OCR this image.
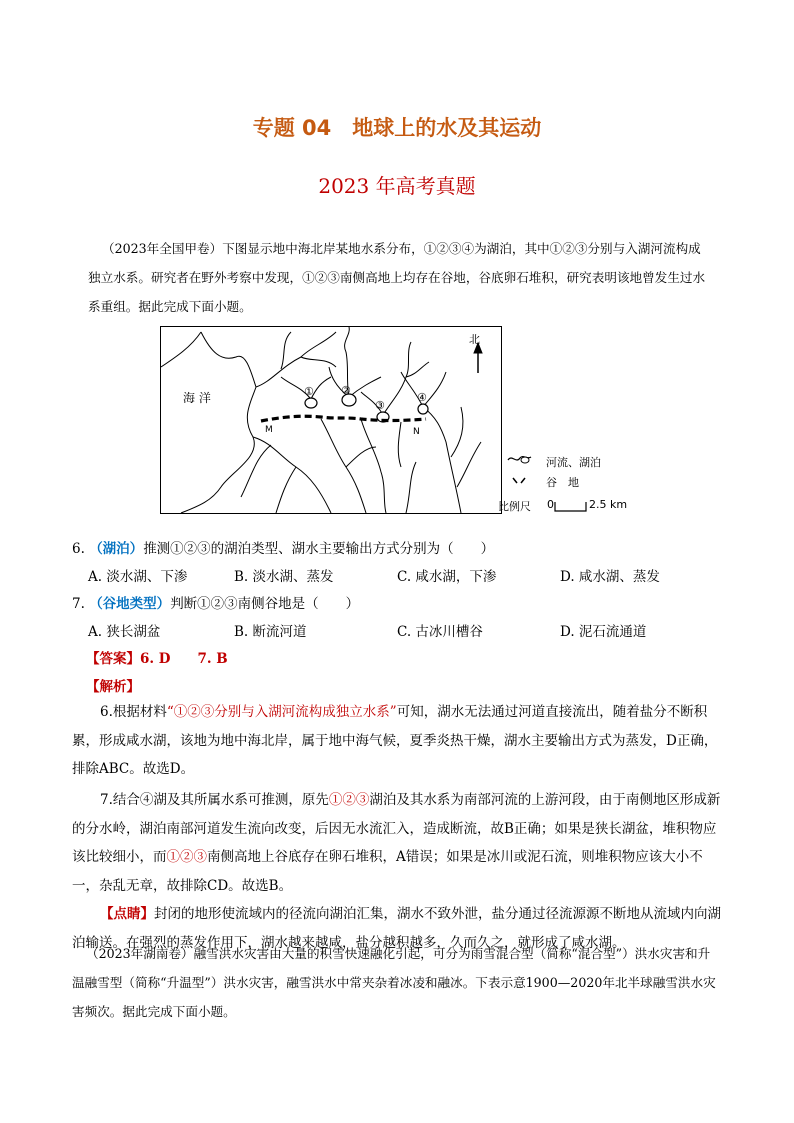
专题 04　地球上的水及其运动
2023 年高考真题
（2023年全国甲卷）下图显示地中海北岸某地水系分布，①②③④为湖泊，其中①②③分别与入湖河流构成独立水系。研究者在野外考察中发现，①②③南侧高地上均存在谷地，谷底卵石堆积，研究表明该地曾发生过水系重组。据此完成下面小题。
海 洋
北
① ②
③
④
M	N
河流、湖泊
谷　地
比例尺 0	2.5 km
6. （湖泊）推测①②③的湖泊类型、湖水主要输出方式分别为（　　）
A. 淡水湖、下渗	B. 淡水湖、蒸发	C. 咸水湖，下渗	D. 咸水湖、蒸发
7. （谷地类型）判断①②③南侧谷地是（　　）
A. 狭长湖盆	B. 断流河道	C. 古冰川槽谷	D. 泥石流通道
【答案】6. D　　7. B
【解析】
6.根据材料“①②③分别与入湖河流构成独立水系”可知，湖水无法通过河道直接流出，随着盐分不断积累，形成咸水湖，该地为地中海北岸，属于地中海气候，夏季炎热干燥，湖水主要输出方式为蒸发，D正确，排除ABC。故选D。
7.结合④湖及其所属水系可推测，原先①②③湖泊及其水系为南部河流的上游河段，由于南侧地区形成新的分水岭，湖泊南部河道发生流向改变，后因无水流汇入，造成断流，故B正确；如果是狭长湖盆，堆积物应该比较细小，而①②③南侧高地上谷底存在卵石堆积，A错误；如果是冰川或泥石流，则堆积物应该大小不一，杂乱无章，故排除CD。故选B。
【点睛】封闭的地形使流域内的径流向湖泊汇集，湖水不致外泄，盐分通过径流源源不断地从流域内向湖泊输送。在强烈的蒸发作用下，湖水越来越咸，盐分越积越多，久而久之，就形成了咸水湖。
（2023年湖南卷）融雪洪水灾害由大量的积雪快速融化引起，可分为雨雪混合型（简称“混合型”）洪水灾害和升温融雪型（简称“升温型”）洪水灾害，融雪洪水中常夹杂着冰凌和融冰。下表示意1900—2020年北半球融雪洪水灾害频次。据此完成下面小题。
